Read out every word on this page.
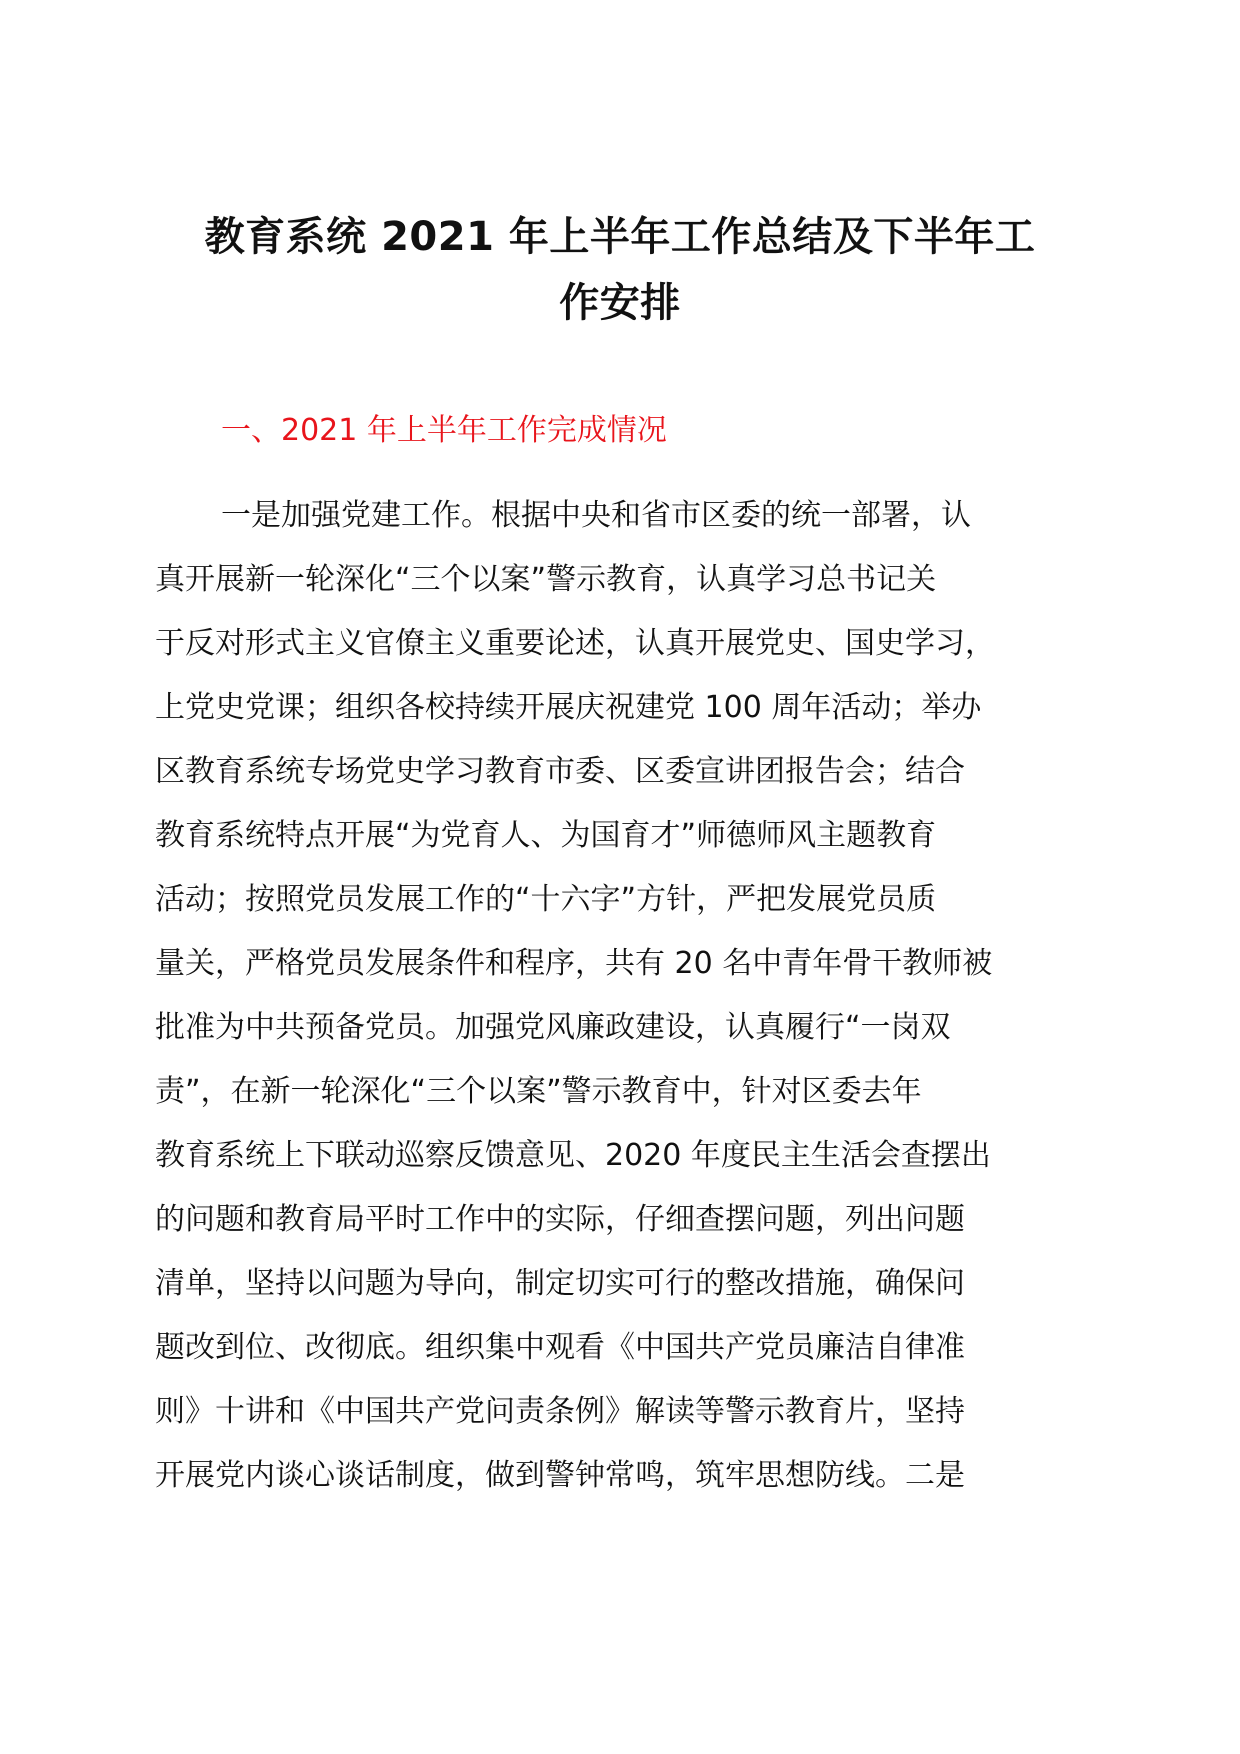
教育系统 2021 年上半年工作总结及下半年工
作安排
一、2021 年上半年工作完成情况
一是加强党建工作。根据中央和省市区委的统一部署，认
真开展新一轮深化“三个以案”警示教育，认真学习总书记关
于反对形式主义官僚主义重要论述，认真开展党史、国史学习，
上党史党课；组织各校持续开展庆祝建党 100 周年活动；举办
区教育系统专场党史学习教育市委、区委宣讲团报告会；结合
教育系统特点开展“为党育人、为国育才”师德师风主题教育
活动；按照党员发展工作的“十六字”方针，严把发展党员质
量关，严格党员发展条件和程序，共有 20 名中青年骨干教师被
批准为中共预备党员。加强党风廉政建设，认真履行“一岗双
责”，在新一轮深化“三个以案”警示教育中，针对区委去年
教育系统上下联动巡察反馈意见、2020 年度民主生活会查摆出
的问题和教育局平时工作中的实际，仔细查摆问题，列出问题
清单，坚持以问题为导向，制定切实可行的整改措施，确保问
题改到位、改彻底。组织集中观看《中国共产党员廉洁自律准
则》十讲和《中国共产党问责条例》解读等警示教育片，坚持
开展党内谈心谈话制度，做到警钟常鸣，筑牢思想防线。二是
